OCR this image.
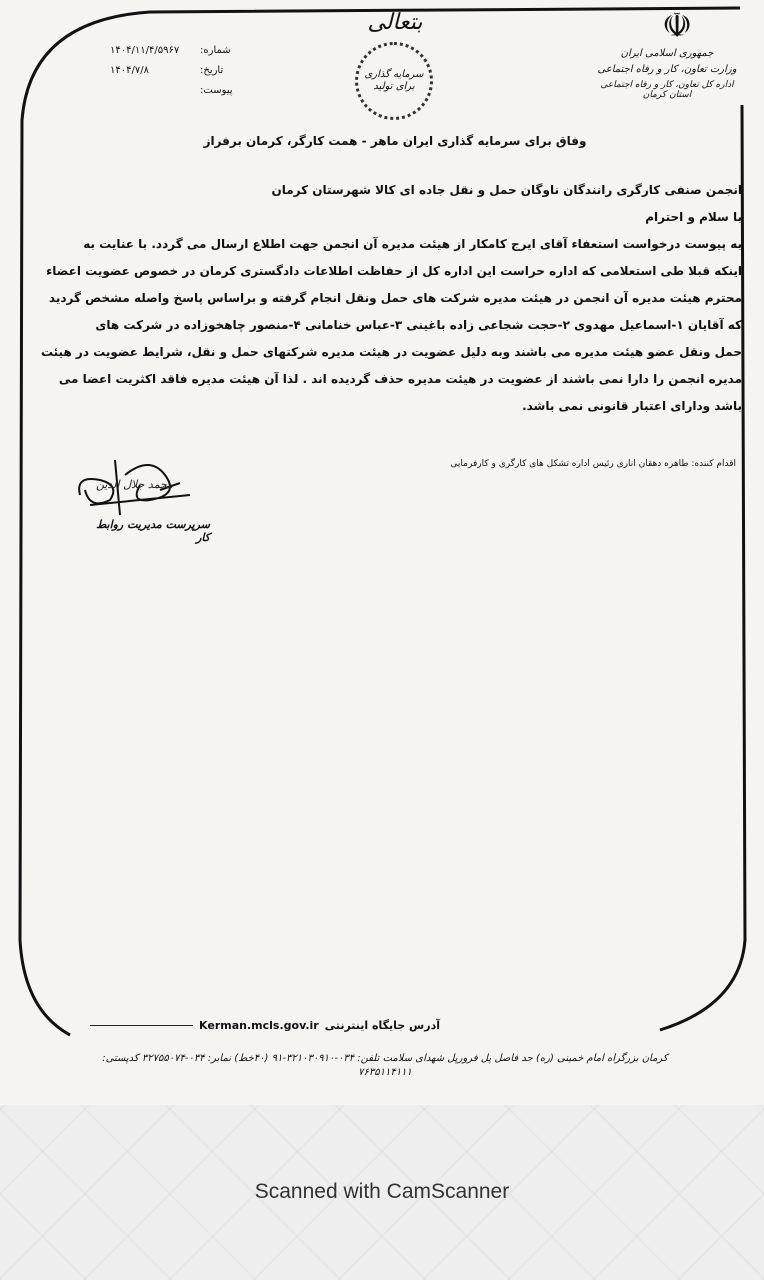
☫
جمهوری اسلامی ایران
وزارت تعاون، کار و رفاه اجتماعی
اداره کل تعاون، کار و رفاه اجتماعی استان کرمان
بتعالی
سرمایه گذاری برای تولید
شماره:
۱۴۰۴/۱۱/۴/۵۹۶۷
تاریخ:
۱۴۰۴/۷/۸
پیوست:
وفاق برای سرمایه گذاری ایران ماهر - همت کارگر، کرمان برفراز
انجمن صنفی کارگری رانندگان ناوگان حمل و نقل جاده ای کالا شهرستان کرمان
با سلام و احترام
به پیوست درخواست استعفاء آقای ایرج کامکار از هیئت مدیره آن انجمن جهت اطلاع ارسال می گردد. با عنایت به
اینکه قبلا طی استعلامی که اداره حراست این اداره کل از حفاظت اطلاعات دادگستری کرمان در خصوص عضویت اعضاء
محترم هیئت مدیره آن انجمن در هیئت مدیره شرکت های حمل ونقل انجام گرفته و براساس پاسخ واصله مشخص گردید
که آقایان ۱-اسماعیل مهدوی ۲-حجت شجاعی زاده باغینی ۳-عباس خنامانی ۴-منصور چاهخوزاده در شرکت های
حمل ونقل عضو هیئت مدیره می باشند وبه دلیل عضویت در هیئت مدیره شرکتهای حمل و نقل، شرایط عضویت در هیئت
مدیره انجمن را دارا نمی باشند از عضویت در هیئت مدیره حذف گردیده اند . لذا آن هیئت مدیره فاقد اکثریت اعضا می
باشد ودارای اعتبار قانونی نمی باشد.
اقدام کننده: طاهره دهقان اناری رئیس اداره تشکل های کارگری و کارفرمایی
محمد جلال الدین
سرپرست مدیریت روابط کار
Kerman.mcls.gov.ir آدرس جایگاه اینترنتی
کرمان بزرگراه امام خمینی (ره) حد فاصل پل فرورپل شهدای سلامت تلفن: ۰۳۴-۳۲۱۰۳۰۹۱۰-۹۱ (۴۰خط) نمابر: ۰۳۴-۳۲۷۵۵۰۷۴ کدپستی: ۷۶۳۵۱۱۴۱۱۱
Scanned with CamScanner
